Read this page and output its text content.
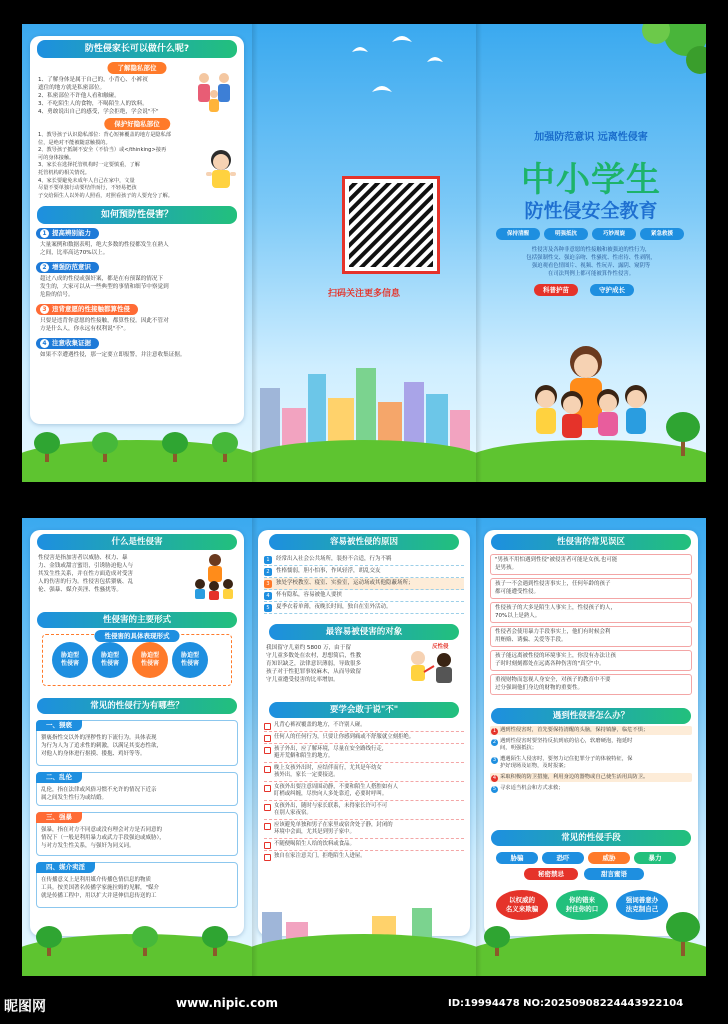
防性侵家长可以做什么呢?
了解隐私部位
1、了解身体是属于自己的，小背心、小裤衩
遮住的地方就是私密部位。
2、私密部位不许他人看和触碰。
3、不吃陌生人的食物，不喝陌生人的饮料。
4、勇敢说出自己的感受，学会拒绝，学会说"不"
保护好隐私部位
1、教导孩子认识隐私部位：背心短裤覆盖的地方是隐私部
位，是绝对不能被随意触摸的。
2、教导孩子抵制不安全（不恰当）或</thinking>接再
可的身体接触。
3、家长在选择托管机构时一定要慎重，了解
托管机构的相关情况。
4、家长要避免未成年人自己在家中，文量
尽量不要单独行动要结伴而行，不轻易把孩
子交给陌生人以外的人照看，对照看孩子的人要充分了解。
如何预防性侵害？
1 提高辨别能力
大量案例和数据表明，绝大多数的性侵都发生在熟人
之间，比率高达70%以上。
2 增强防范意识
超过八成的性侵或强奸案，都是在有预谋的情况下
发生的，大家可以从一些典型的事情和细节中察觉到
危险的信号。
3 违背意愿的性接触都算性侵
只要是违背你意愿的性接触，都算性侵。因此不管对
方是什么人，你永远有权利说"不"。
4 注意收集证据
如果不幸遭遇性侵，那一定要立即报警，并注意收集证据。
扫码关注更多信息
加强防范意识 远离性侵害
中小学生
防性侵安全教育
保持清醒	明强抵抗	巧妙周旋	紧急救援
性侵害及各种非意愿的性接触和被强迫的性行为，
包括强制性交、强迫亲吻、性骚扰、性虐待、性剥削，
强迫观看色情图片、视频、性玩弄、露阴、窥阴等
在司法判例上都可能被算作性侵害。
科普护苗	守护成长
什么是性侵害
性侵害是指加害者以威胁、权力、暴
力、金钱或甜言蜜语，引诱胁迫他人与
其发生性关系，并在性方面造成对受害
人的伤害的行为。性侵害包括猥亵、乱
伦、强暴、媒介卖淫、性骚扰等。
性侵害的主要形式
性侵害的具体表现形式
胁迫型
性侵害
胁迫型
性侵害
胁迫型
性侵害
胁迫型
性侵害
常见的性侵行为有哪些？
一、猥亵
猥亵指性交以外的淫秽性的下流行为。具体表现
为行为人为了追求性的刺激，以满足其变态性欲，
对他人的身体进行抠摸、搂抱、鸡奸等等。
二、乱伦
乱伦，指在法律或风俗习惯不允许的情况下近亲
属之间发生性行为或结婚。
三、强暴
强暴，指在对方不同意或没有理会对方是否同意的
情况下（一般是利用暴力或武力手段强迫或威胁），
与对方发生性关系，与强奸为同义词。
四、媒介卖淫
在传播意义上是利用媒介传播色情信息的物质
工具。按美国著名传播学家施拉姆的见解，"媒介
就是传播工程中，用以扩大并延伸信息传送的工
容易被性侵的原因
1	经常出入社会公共场所，装扮不合适，行为不羁
2	性格懦弱，胆小怕事，作风轻浮，胡乱交友
3	独处学校教室、寝室、实验室，运动场或其他隐蔽场所；
4	怀有隐私，容易被他人要挟
5	夏季衣着单薄，夜晚长时间，独自在室外活动。
最容易被侵害的对象
我国留守儿童约 5800 万，由于留
守儿童多数处在农村，思想简后，性教
育知识缺乏，法律意识薄弱，导致很多
孩子对于性犯罪事较麻木，从而导致留
守儿童遭受侵害的比率增加。
反性侵
要学会敢于说"不"
凡背心裤衩覆盖的地方，不许别人碰。
任何人的任何行为，只要让你感到痛或不舒服就立刻拒绝。
孩子外出，应了解环境，尽量在安全路线行走，
避开荒僻和陌生的地方。
晚上女孩外出时，应结伴而行，尤其是年幼女
孩外出，家长一定要接送。
女孩外出要注意周围动静，不要和陌生人搭腔如有人
盯梢或纠缠，尽快向人多处靠近，必要时呼叫。
女孩外出，随时与家长联系，未得家长许可不可
在别人家夜宿。
应该避免单独和男子在家里或宿舍处子静，封闭的
环境中会面，尤其是到男子家中。
不随便喝陌生人给的饮料或食品。
独自在家注意关门，拒绝陌生人进屋。
性侵害的常见误区
"男孩不用怕遇到性侵"被侵害者可能是女孩,也可能
是男孩。
孩子一不会遇到性侵害事实上，任何年龄的孩子
都可能遭受性侵。
性侵孩子的大多是陌生人事实上，性侵孩子的人，
70%以上是熟人。
性侵者会使用暴力手段事实上，他们有时候会利
用贿赂、诱骗、关爱等手段。
孩子能远离被性侵的环境事实上，你没有办法让孩
子时时刻刻都处在远离各种伤害的"真空"中。
重视财物而忽视人身安全，对孩子的教育中不要
过分强调他们身边的财物的重要性。
遇到性侵害怎么办？
1 遇到性侵害时，首先要保持清醒的头脑，保持镇静，临危不惧；
2 遇到性侵害时要坚持反抗到底的信心，软磨硬泡，拖延时
间，明强抵抗；
3 遭遇陌生人侵害时，要努力记住犯罪分子的体貌特征，保
护好现场及证物，及时报案；
4 采取积极的防卫措施，利用身边的器物或自己使生活用具防卫。
5 寻求适当机会和方式求救；
常见的性侵手段
胁骗	恐吓	威胁	暴力
秘密禁忌	甜言蜜语
以权威的
名义来欺骗
你的错来
封住你的口
强词善意办
法克制自己
昵图网	www.nipic.com	ID:19994478 NO:20250908224443922104
